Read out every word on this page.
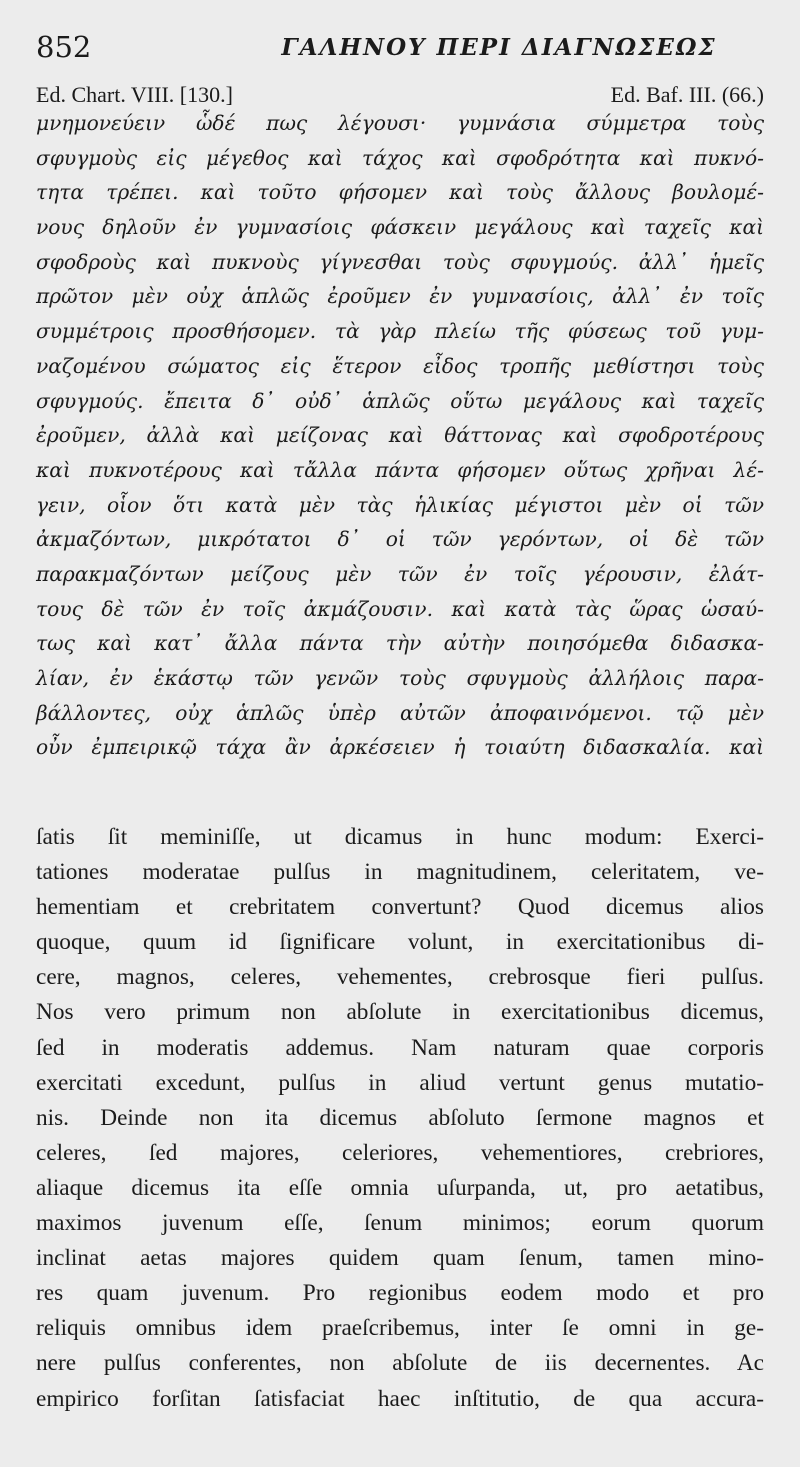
852	ΓΑΛΗΝΟΥ ΠΕΡΙ ΔΙΑΓΝΩΣΕΩΣ
Ed. Chart. VIII. [130.]	Ed. Baf. III. (66.)
μνημονεύειν ὧδέ πως λέγουσι· γυμνάσια σύμμετρα τοὺς
σφυγμοὺς εἰς μέγεθος καὶ τάχος καὶ σφοδρότητα καὶ πυκνό-
τητα τρέπει. καὶ τοῦτο φήσομεν καὶ τοὺς ἄλλους βουλομέ-
νους δηλοῦν ἐν γυμνασίοις φάσκειν μεγάλους καὶ ταχεῖς καὶ
σφοδροὺς καὶ πυκνοὺς γίγνεσθαι τοὺς σφυγμούς. ἀλλ᾽ ἡμεῖς
πρῶτον μὲν οὐχ ἁπλῶς ἐροῦμεν ἐν γυμνασίοις, ἀλλ᾽ ἐν τοῖς
συμμέτροις προσθήσομεν. τὰ γὰρ πλείω τῆς φύσεως τοῦ γυμ-
ναζομένου σώματος εἰς ἕτερον εἶδος τροπῆς μεθίστησι τοὺς
σφυγμούς. ἔπειτα δ᾽ οὐδ᾽ ἁπλῶς οὕτω μεγάλους καὶ ταχεῖς
ἐροῦμεν, ἀλλὰ καὶ μείζονας καὶ θάττονας καὶ σφοδροτέρους
καὶ πυκνοτέρους καὶ τἄλλα πάντα φήσομεν οὕτως χρῆναι λέ-
γειν, οἷον ὅτι κατὰ μὲν τὰς ἡλικίας μέγιστοι μὲν οἱ τῶν
ἀκμαζόντων, μικρότατοι δ᾽ οἱ τῶν γερόντων, οἱ δὲ τῶν
παρακμαζόντων μείζους μὲν τῶν ἐν τοῖς γέρουσιν, ἐλάτ-
τους δὲ τῶν ἐν τοῖς ἀκμάζουσιν. καὶ κατὰ τὰς ὥρας ὡσαύ-
τως καὶ κατ᾽ ἄλλα πάντα τὴν αὐτὴν ποιησόμεθα διδασκα-
λίαν, ἐν ἑκάστῳ τῶν γενῶν τοὺς σφυγμοὺς ἀλλήλοις παρα-
βάλλοντες, οὐχ ἁπλῶς ὑπὲρ αὐτῶν ἀποφαινόμενοι. τῷ μὲν
οὖν ἐμπειρικῷ τάχα ἂν ἀρκέσειεν ἡ τοιαύτη διδασκαλία. καὶ
ſatis ſit meminiſſe, ut dicamus in hunc modum: Exerci-
tationes moderatae pulſus in magnitudinem, celeritatem, ve-
hementiam et crebritatem convertunt? Quod dicemus alios
quoque, quum id ſignificare volunt, in exercitationibus di-
cere, magnos, celeres, vehementes, crebrosque fieri pulſus.
Nos vero primum non abſolute in exercitationibus dicemus,
ſed in moderatis addemus. Nam naturam quae corporis
exercitati excedunt, pulſus in aliud vertunt genus mutatio-
nis. Deinde non ita dicemus abſoluto ſermone magnos et
celeres, ſed majores, celeriores, vehementiores, crebriores,
aliaque dicemus ita eſſe omnia uſurpanda, ut, pro aetatibus,
maximos juvenum eſſe, ſenum minimos; eorum quorum
inclinat aetas majores quidem quam ſenum, tamen mino-
res quam juvenum. Pro regionibus eodem modo et pro
reliquis omnibus idem praeſcribemus, inter ſe omni in ge-
nere pulſus conferentes, non abſolute de iis decernentes. Ac
empirico forſitan ſatisfaciat haec inſtitutio, de qua accura-
